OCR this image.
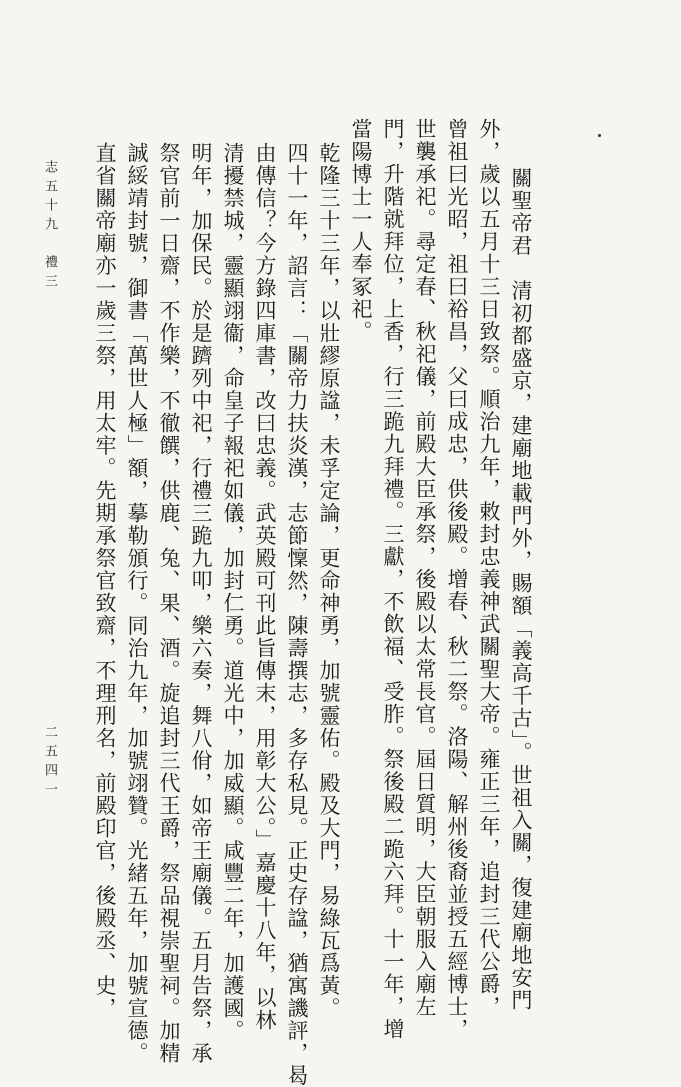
關聖帝君　清初都盛京，建廟地載門外，賜額「義高千古」。世祖入關，復建廟地安門
外，歲以五月十三日致祭。順治九年，敕封忠義神武關聖大帝。雍正三年，追封三代公爵，
曾祖曰光昭，祖曰裕昌，父曰成忠，供後殿。增春、秋二祭。洛陽、解州後裔並授五經博士，
世襲承祀。尋定春、秋祀儀，前殿大臣承祭，後殿以太常長官。屆日質明，大臣朝服入廟左
門，升階就拜位，上香，行三跪九拜禮。三獻，不飲福、受胙。祭後殿二跪六拜。十一年，增
當陽博士一人奉冢祀。
乾隆三十三年，以壯繆原諡，未孚定論，更命神勇，加號靈佑。殿及大門，易綠瓦爲黃。
四十一年，詔言：「關帝力扶炎漢，志節懍然，陳壽撰志，多存私見。正史存諡，猶寓譏評，曷
由傳信？今方錄四庫書，改曰忠義。武英殿可刊此旨傳末，用彰大公。」嘉慶十八年，以林
清擾禁城，靈顯翊衞，命皇子報祀如儀，加封仁勇。道光中，加威顯。咸豐二年，加護國。
明年，加保民。於是躋列中祀，行禮三跪九叩，樂六奏，舞八佾，如帝王廟儀。五月告祭，承
祭官前一日齋，不作樂，不徹饌，供鹿、兔、果、酒。旋追封三代王爵，祭品視崇聖祠。加精
誠綏靖封號，御書「萬世人極」額，摹勒頒行。同治九年，加號翊贊。光緒五年，加號宣德。
直省關帝廟亦一歲三祭，用太牢。先期承祭官致齋，不理刑名，前殿印官，後殿丞、史，
志五十九　禮三
二五四一
